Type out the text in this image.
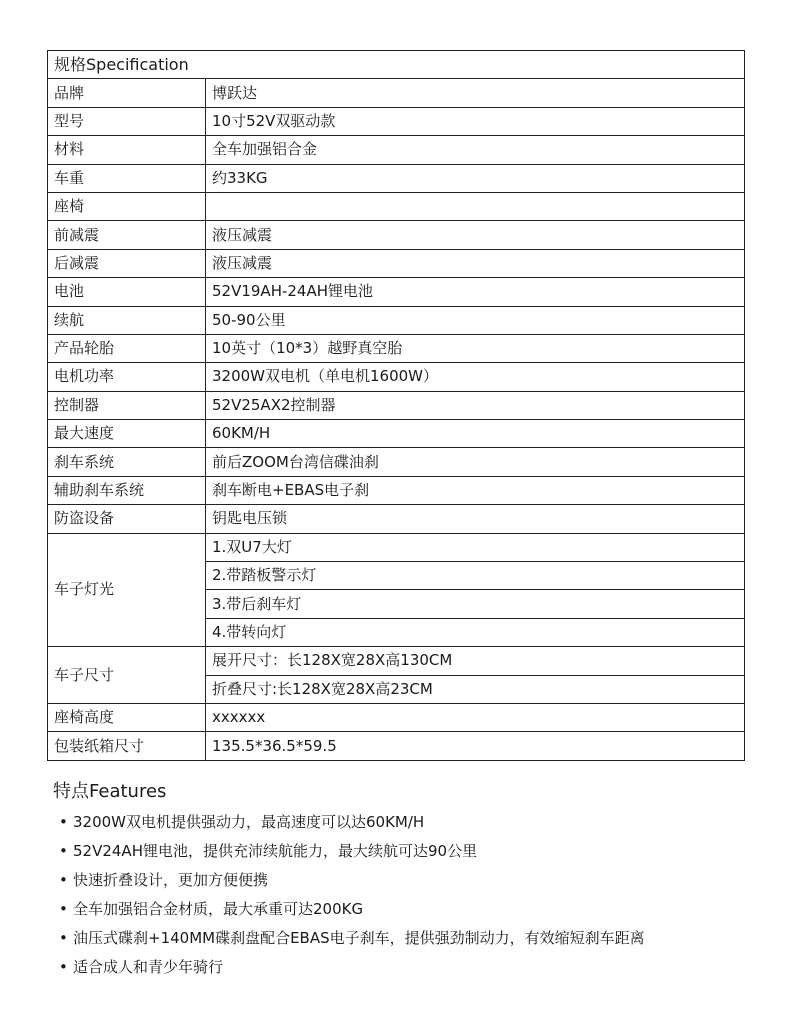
规格Specification	
品牌	博跃达
型号	10寸52V双驱动款
材料	全车加强铝合金
车重	约33KG
座椅	
前减震	液压减震
后减震	液压减震
电池	52V19AH-24AH锂电池
续航	50-90公里
产品轮胎	10英寸（10*3）越野真空胎
电机功率	3200W双电机（单电机1600W）
控制器	52V25AX2控制器
最大速度	60KM/H
刹车系统	前后ZOOM台湾信碟油刹
辅助刹车系统	刹车断电+EBAS电子刹
防盗设备	钥匙电压锁
车子灯光	1.双U7大灯
	2.带踏板警示灯
	3.带后刹车灯
	4.带转向灯
车子尺寸	展开尺寸：长128X宽28X高130CM
	折叠尺寸:长128X宽28X高23CM
座椅高度	xxxxxx
包装纸箱尺寸	135.5*36.5*59.5
特点Features
• 3200W双电机提供强动力，最高速度可以达60KM/H
• 52V24AH锂电池，提供充沛续航能力，最大续航可达90公里
• 快速折叠设计，更加方便便携
• 全车加强铝合金材质，最大承重可达200KG
• 油压式碟刹+140MM碟刹盘配合EBAS电子刹车，提供强劲制动力，有效缩短刹车距离
• 适合成人和青少年骑行
